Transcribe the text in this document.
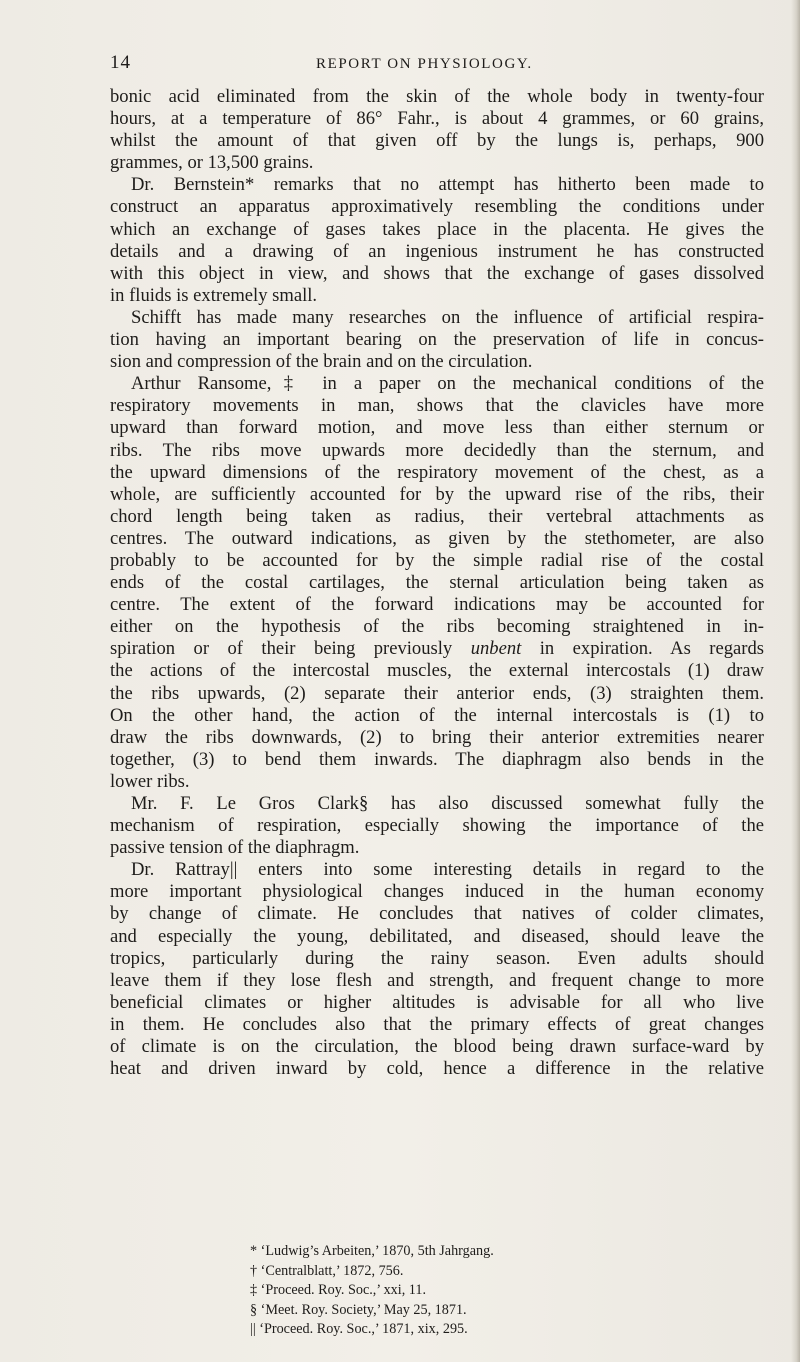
14	REPORT ON PHYSIOLOGY.
bonic acid eliminated from the skin of the whole body in twenty-four
hours, at a temperature of 86° Fahr., is about 4 grammes, or 60 grains,
whilst the amount of that given off by the lungs is, perhaps, 900
grammes, or 13,500 grains.
Dr. Bernstein* remarks that no attempt has hitherto been made to
construct an apparatus approximatively resembling the conditions under
which an exchange of gases takes place in the placenta. He gives the
details and a drawing of an ingenious instrument he has constructed
with this object in view, and shows that the exchange of gases dissolved
in fluids is extremely small.
Schifft has made many researches on the influence of artificial respira-
tion having an important bearing on the preservation of life in concus-
sion and compression of the brain and on the circulation.
Arthur Ransome,‡ in a paper on the mechanical conditions of the
respiratory movements in man, shows that the clavicles have more
upward than forward motion, and move less than either sternum or
ribs. The ribs move upwards more decidedly than the sternum, and
the upward dimensions of the respiratory movement of the chest, as a
whole, are sufficiently accounted for by the upward rise of the ribs, their
chord length being taken as radius, their vertebral attachments as
centres. The outward indications, as given by the stethometer, are also
probably to be accounted for by the simple radial rise of the costal
ends of the costal cartilages, the sternal articulation being taken as
centre. The extent of the forward indications may be accounted for
either on the hypothesis of the ribs becoming straightened in in-
spiration or of their being previously unbent in expiration. As regards
the actions of the intercostal muscles, the external intercostals (1) draw
the ribs upwards, (2) separate their anterior ends, (3) straighten them.
On the other hand, the action of the internal intercostals is (1) to
draw the ribs downwards, (2) to bring their anterior extremities nearer
together, (3) to bend them inwards. The diaphragm also bends in the
lower ribs.
Mr. F. Le Gros Clark§ has also discussed somewhat fully the
mechanism of respiration, especially showing the importance of the
passive tension of the diaphragm.
Dr. Rattray|| enters into some interesting details in regard to the
more important physiological changes induced in the human economy
by change of climate. He concludes that natives of colder climates,
and especially the young, debilitated, and diseased, should leave the
tropics, particularly during the rainy season. Even adults should
leave them if they lose flesh and strength, and frequent change to more
beneficial climates or higher altitudes is advisable for all who live
in them. He concludes also that the primary effects of great changes
of climate is on the circulation, the blood being drawn surface-ward by
heat and driven inward by cold, hence a difference in the relative
* ‘Ludwig’s Arbeiten,’ 1870, 5th Jahrgang.
† ‘Centralblatt,’ 1872, 756.
‡ ‘Proceed. Roy. Soc.,’ xxi, 11.
§ ‘Meet. Roy. Society,’ May 25, 1871.
|| ‘Proceed. Roy. Soc.,’ 1871, xix, 295.
